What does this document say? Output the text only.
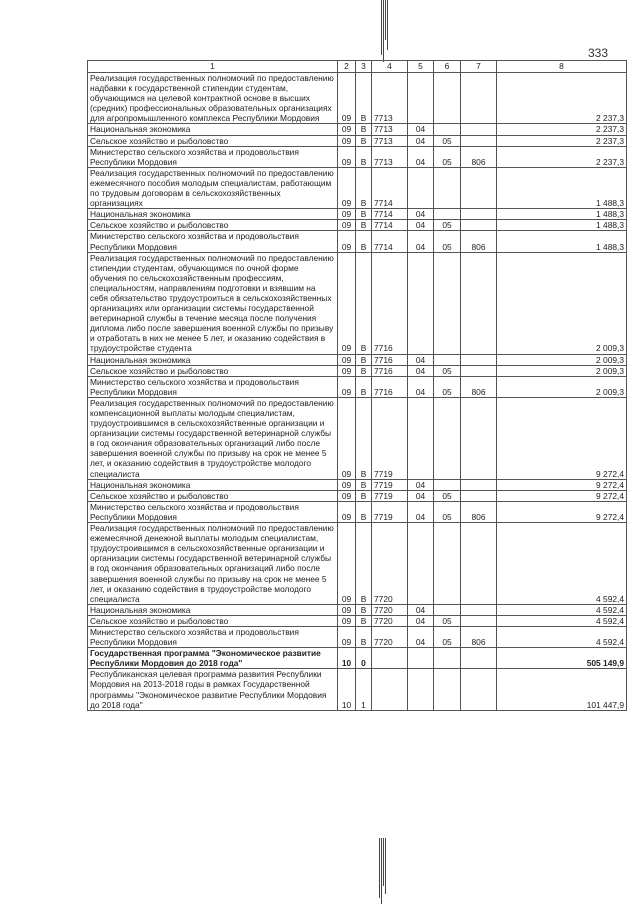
333
1	2	3	4	5	6	7	8
Реализация государственных полномочий по предоставлению надбавки к государственной стипендии студентам, обучающимся на целевой контрактной основе в высших (средних) профессиональных образовательных организациях для агропромышленного комплекса Республики Мордовия	09	В	7713				2 237,3
Национальная экономика	09	В	7713	04			2 237,3
Сельское хозяйство и рыболовство	09	В	7713	04	05		2 237,3
Министерство сельского хозяйства и продовольствия Республики Мордовия	09	В	7713	04	05	806	2 237,3
Реализация государственных полномочий по предоставлению ежемесячного пособия молодым специалистам, работающим по трудовым договорам в сельскохозяйственных организациях	09	В	7714				1 488,3
Национальная экономика	09	В	7714	04			1 488,3
Сельское хозяйство и рыболовство	09	В	7714	04	05		1 488,3
Министерство сельского хозяйства и продовольствия Республики Мордовия	09	В	7714	04	05	806	1 488,3
Реализация государственных полномочий по предоставлению стипендии студентам, обучающимся по очной форме обучения по сельскохозяйственным профессиям, специальностям, направлениям подготовки и взявшим на себя обязательство трудоустроиться в сельскохозяйственных организациях или организации системы государственной ветеринарной службы в течение месяца после получения диплома либо после завершения военной службы по призыву и отработать в них не менее 5 лет, и оказанию содействия в трудоустройстве студента	09	В	7716				2 009,3
Национальная экономика	09	В	7716	04			2 009,3
Сельское хозяйство и рыболовство	09	В	7716	04	05		2 009,3
Министерство сельского хозяйства и продовольствия Республики Мордовия	09	В	7716	04	05	806	2 009,3
Реализация государственных полномочий по предоставлению компенсационной выплаты молодым специалистам, трудоустроившимся в сельскохозяйственные организации и организации системы государственной ветеринарной службы в год окончания образовательных организаций либо после завершения военной службы по призыву на срок не менее 5 лет, и оказанию содействия в трудоустройстве молодого специалиста	09	В	7719				9 272,4
Национальная экономика	09	В	7719	04			9 272,4
Сельское хозяйство и рыболовство	09	В	7719	04	05		9 272,4
Министерство сельского хозяйства и продовольствия Республики Мордовия	09	В	7719	04	05	806	9 272,4
Реализация государственных полномочий по предоставлению ежемесячной денежной выплаты молодым специалистам, трудоустроившимся в сельскохозяйственные организации и организации системы государственной ветеринарной службы в год окончания образовательных организаций либо после завершения военной службы по призыву на срок не менее 5 лет, и оказанию содействия в трудоустройстве молодого специалиста	09	В	7720				4 592,4
Национальная экономика	09	В	7720	04			4 592,4
Сельское хозяйство и рыболовство	09	В	7720	04	05		4 592,4
Министерство сельского хозяйства и продовольствия Республики Мордовия	09	В	7720	04	05	806	4 592,4
Государственная программа "Экономическое развитие Республики Мордовия до 2018 года"	10	0					505 149,9
Республиканская целевая программа развития Республики Мордовия на 2013-2018 годы в рамках Государственной программы "Экономическое развитие Республики Мордовия до 2018 года"	10	1					101 447,9
